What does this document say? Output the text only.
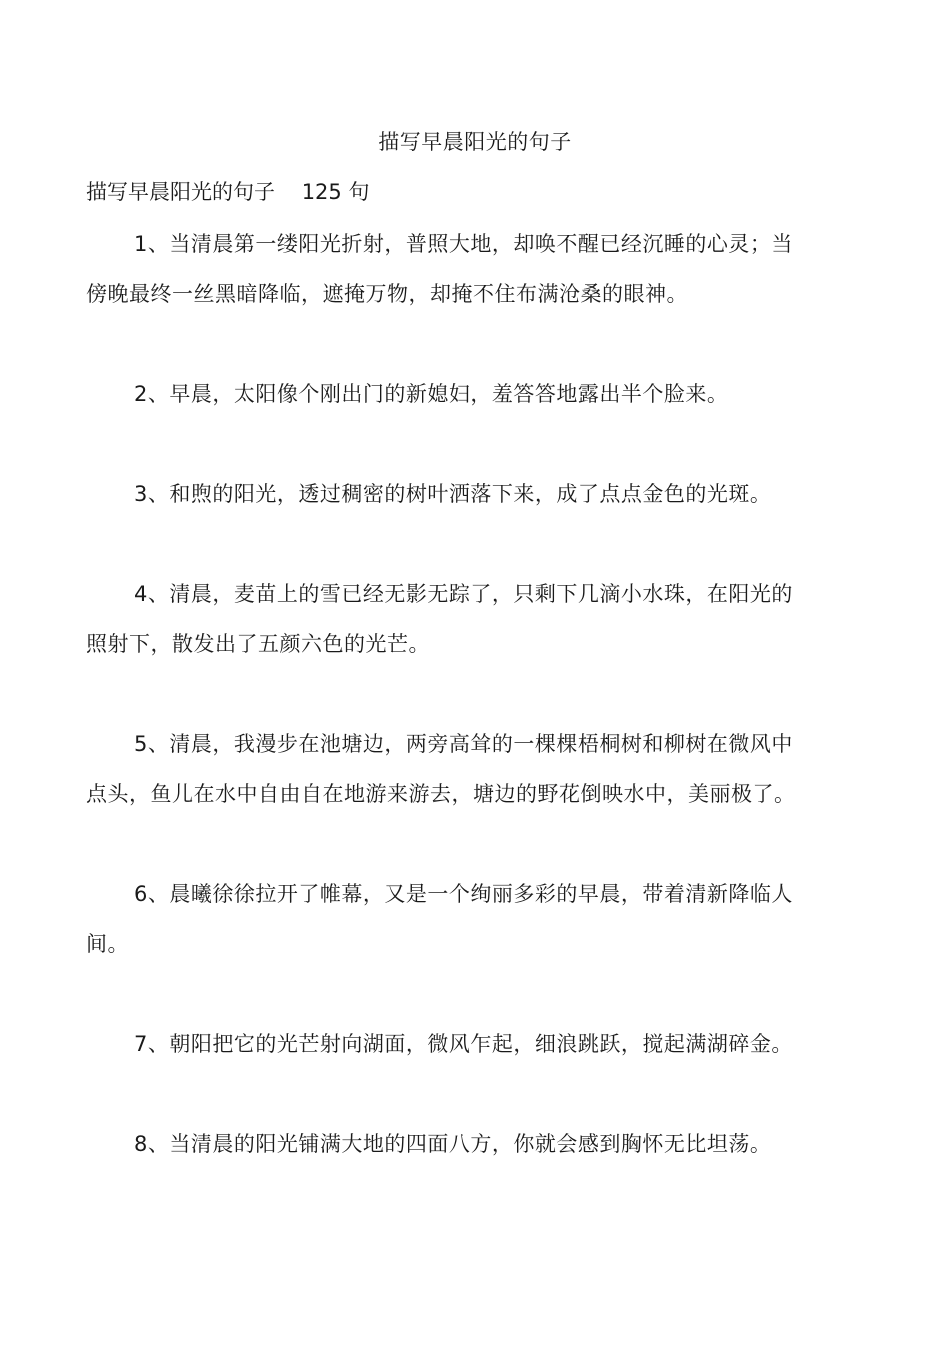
描写早晨阳光的句子
描写早晨阳光的句子    125 句
1、当清晨第一缕阳光折射，普照大地，却唤不醒已经沉睡的心灵；当傍晚最终一丝黑暗降临，遮掩万物，却掩不住布满沧桑的眼神。
2、早晨，太阳像个刚出门的新媳妇，羞答答地露出半个脸来。
3、和煦的阳光，透过稠密的树叶洒落下来，成了点点金色的光斑。
4、清晨，麦苗上的雪已经无影无踪了，只剩下几滴小水珠，在阳光的照射下，散发出了五颜六色的光芒。
5、清晨，我漫步在池塘边，两旁高耸的一棵棵梧桐树和柳树在微风中点头，鱼儿在水中自由自在地游来游去，塘边的野花倒映水中，美丽极了。
6、晨曦徐徐拉开了帷幕，又是一个绚丽多彩的早晨，带着清新降临人间。
7、朝阳把它的光芒射向湖面，微风乍起，细浪跳跃，搅起满湖碎金。
8、当清晨的阳光铺满大地的四面八方，你就会感到胸怀无比坦荡。
